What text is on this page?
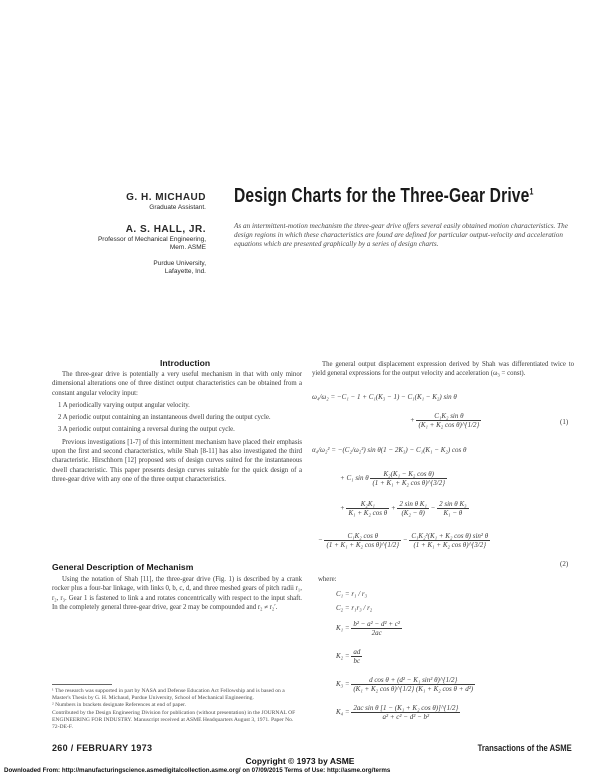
G. H. MICHAUD
Graduate Assistant.
A. S. HALL, JR.
Professor of Mechanical Engineering,
Mem. ASME
Purdue University,
Lafayette, Ind.
Design Charts for the Three-Gear Drive$^1$
As an intermittent-motion mechanism the three-gear drive offers several easily obtained motion characteristics. The design regions in which these characteristics are found are defined for particular output-velocity and acceleration equations which are presented graphically by a series of design charts.
Introduction

The three-gear drive is potentially a very useful mechanism in that with only minor dimensional alterations one of three distinct output characteristics can be obtained from a constant angular velocity input:

1 A periodically varying output angular velocity.

2 A periodic output containing an instantaneous dwell during the output cycle.

3 A periodic output containing a reversal during the output cycle.

Previous investigations [1-7] of this intermittent mechanism have placed their emphasis upon the first and second characteristics, while Shah [8-11] has also investigated the third characteristic. Hirschhorn [12] proposed sets of design curves suited for the instantaneous dwell characteristic. This paper presents design curves suitable for the quick design of a three-gear drive with any one of the three output characteristics.

General Description of Mechanism

Using the notation of Shah [11], the three-gear drive (Fig. 1) is described by a crank rocker plus a four-bar linkage, with links 0, b, c, d, and three meshed gears of pitch radii r₁, r₂, r₃. Gear 1 is fastened to link a and rotates concentrically with respect to the input shaft. In the completely general three-gear drive, gear 2 may be compounded and r₂ ≠ r₂′.

¹ The research was supported in part by NASA and Defense Education Act Fellowship and is based on a Master's Thesis by G. H. Michaud, Purdue University, School of Mechanical Engineering.
² Numbers in brackets designate References at end of paper.
Contributed by the Design Engineering Division for publication (without presentation) in the JOURNAL OF ENGINEERING FOR INDUSTRY. Manuscript received at ASME Headquarters August 3, 1971. Paper No. 72-DE-F.

The general output displacement expression derived by Shah was differentiated twice to yield general expressions for the output velocity and acceleration (ω₃ = const).

ω₄/ω₂ = −C₁ − 1 + C₁(K₃ − 1) − C₁(K₁ − K₂) sin θ
+ $\frac{\text{C₁K₂ sin θ}}{\text{(K₁ + K₂ cos θ)\textasciicircum{}\{1/2\}}}$	(1)
α₄/ω₂² = −(C₂/ω₂²) sin θ(1 − 2K₃) − C₁(K₁ − K₂) cos θ
+ C₁ sin θ $\frac{\text{K₂(K₁ − K₂ cos θ)}}{\text{(1 + K₁ + K₂ cos θ)\textasciicircum{}\{3/2\}}}$
+ $\frac{\text{K₂K₁}}{\text{K₁ + K₂ cos θ}} + \frac{\text{2 sin θ K₁}}{\text{(K₂ − θ)}} - \frac{\text{2 sin θ K₃}}{\text{K₁ − θ}}$
− $\frac{\text{C₁K₂ cos θ}}{\text{(1 + K₁ + K₂ cos θ)\textasciicircum{}\{1/2\}}} - \frac{\text{C₁K₂²(K₁ + K₂ cos θ) sin² θ}}{\text{(1 + K₁ + K₂ cos θ)\textasciicircum{}\{3/2\}}}$
(2)
where:
C₁ = r₁ / r₃
C₂ = r₁r₃ / r₂
$K_1 = \frac{\text{b² − a² − d² + c²}}{2ac}$
$K_2 = \frac{ad}{bc}$
$K_3 = \frac{\text{d cos θ + (d² − K₁ sin² θ)\textasciicircum{}\{1/2\}}}{\text{(K₁ + K₂ cos θ)\textasciicircum{}\{1/2\} (K₁ + K₂ cos θ + d²)}}$
$K_4 = \frac{\text{2ac sin θ [1 − (K₁ + K₂ cos θ)]\textasciicircum{}\{1/2\}}}{\text{a² + c² − d² − b²}}$
260 / FEBRUARY 1973	Transactions of the ASME
Copyright © 1973 by ASME
Downloaded From: http://manufacturingscience.asmedigitalcollection.asme.org/ on 07/09/2015 Terms of Use: http://asme.org/terms
